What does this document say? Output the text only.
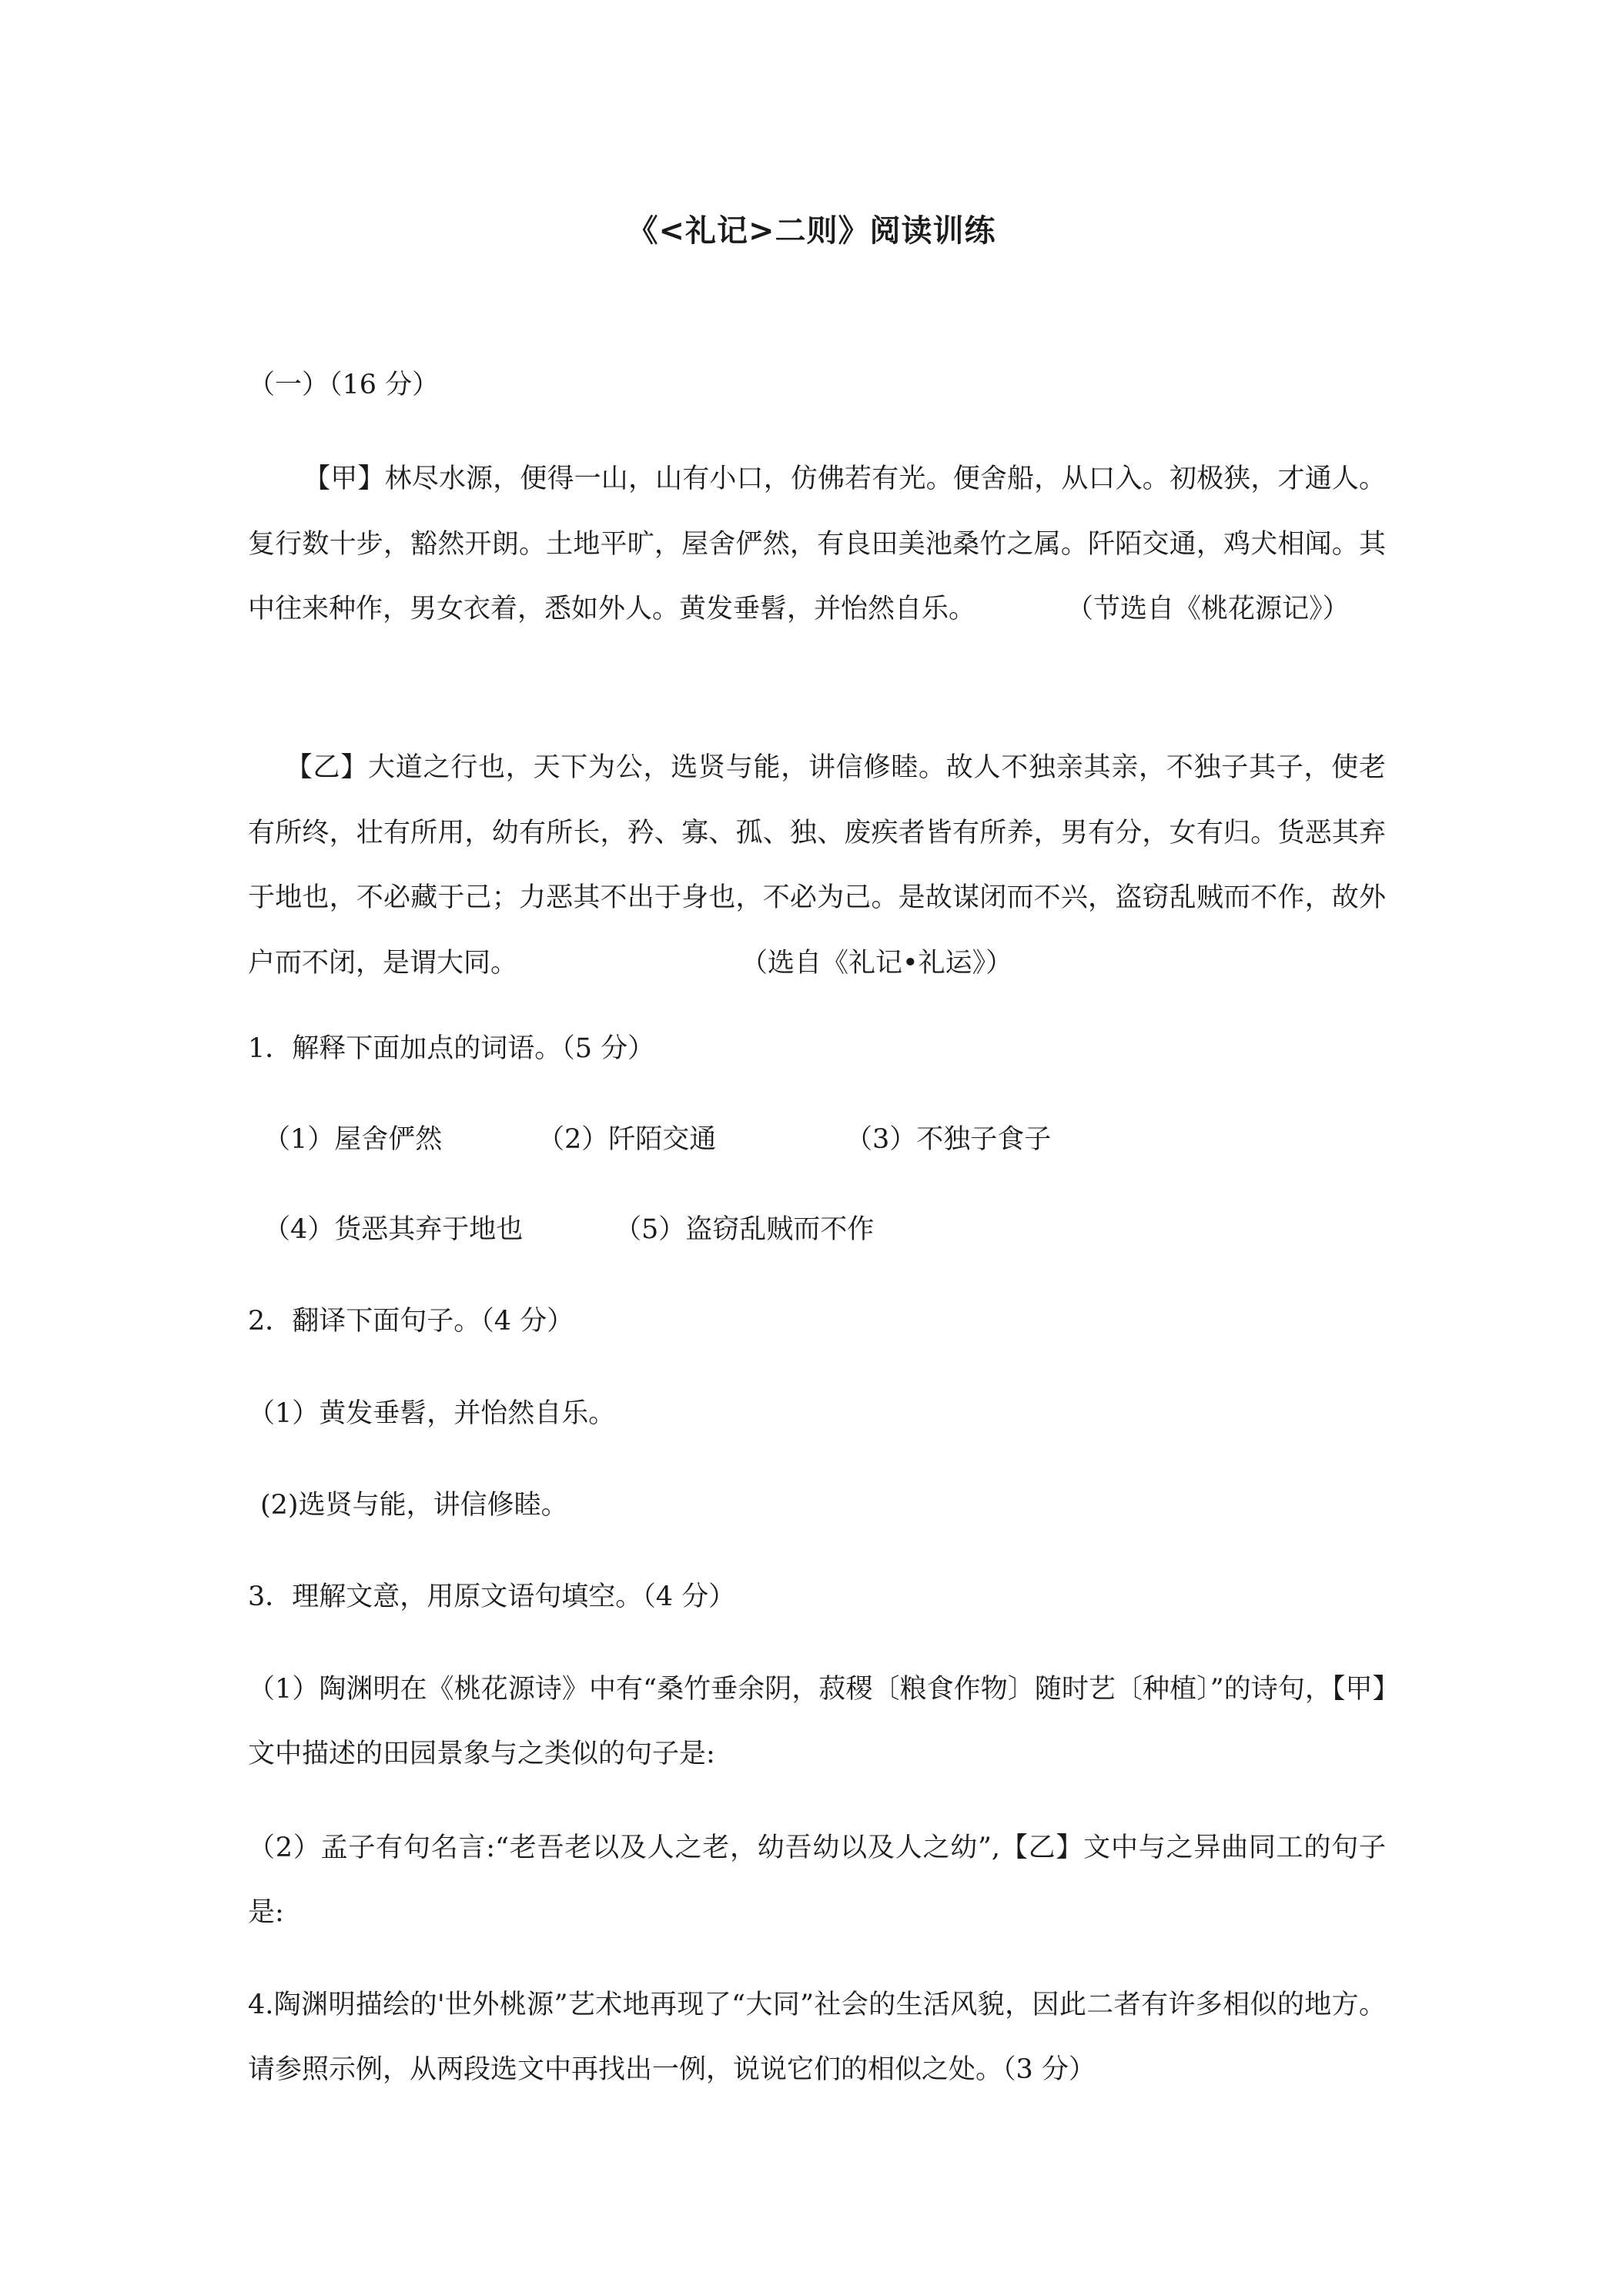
《<礼记>二则》阅读训练
（一）（16 分）
【甲】林尽水源，便得一山，山有小口，仿佛若有光。便舍船，从口入。初极狭，才通人。复行数十步，豁然开朗。土地平旷，屋舍俨然，有良田美池桑竹之属。阡陌交通，鸡犬相闻。其中往来种作，男女衣着，悉如外人。黄发垂髫，并怡然自乐。	（节选自《桃花源记》）
【乙】大道之行也，天下为公，选贤与能，讲信修睦。故人不独亲其亲，不独子其子，使老有所终，壮有所用，幼有所长，矜、寡、孤、独、废疾者皆有所养，男有分，女有归。货恶其弃于地也，不必藏于己；力恶其不出于身也，不必为己。是故谋闭而不兴，盗窃乱贼而不作，故外户而不闭，是谓大同。	（选自《礼记•礼运》）
1．解释下面加点的词语。（5 分）
（1）屋舍俨然	（2）阡陌交通	（3）不独子食子
（4）货恶其弃于地也	（5）盗窃乱贼而不作
2．翻译下面句子。（4 分）
（1）黄发垂髫，并怡然自乐。
(2)选贤与能，讲信修睦。
3．理解文意，用原文语句填空。（4 分）
（1）陶渊明在《桃花源诗》中有“桑竹垂余阴，菽稷〔粮食作物〕随时艺〔种植〕”的诗句，【甲】文中描述的田园景象与之类似的句子是:
（2）孟子有句名言:“老吾老以及人之老，幼吾幼以及人之幼”,【乙】文中与之异曲同工的句子是:
4.陶渊明描绘的'世外桃源”艺术地再现了“大同”社会的生活风貌，因此二者有许多相似的地方。请参照示例，从两段选文中再找出一例，说说它们的相似之处。（3 分）
